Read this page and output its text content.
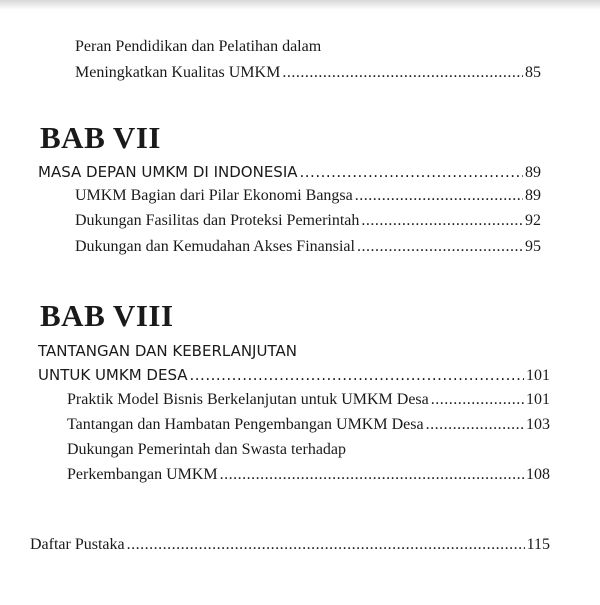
Peran Pendidikan dan Pelatihan dalam
Meningkatkan Kualitas UMKM .....	85
BAB VII
MASA DEPAN UMKM DI INDONESIA .....	89
UMKM Bagian dari Pilar Ekonomi Bangsa .....	89
Dukungan Fasilitas dan Proteksi Pemerintah .....	92
Dukungan dan Kemudahan Akses Finansial .....	95
BAB VIII
TANTANGAN DAN KEBERLANJUTAN
UNTUK UMKM DESA .....	101
Praktik Model Bisnis Berkelanjutan untuk UMKM Desa .....	101
Tantangan dan Hambatan Pengembangan UMKM Desa .....	103
Dukungan Pemerintah dan Swasta terhadap
Perkembangan UMKM .....	108
Daftar Pustaka .....	115
